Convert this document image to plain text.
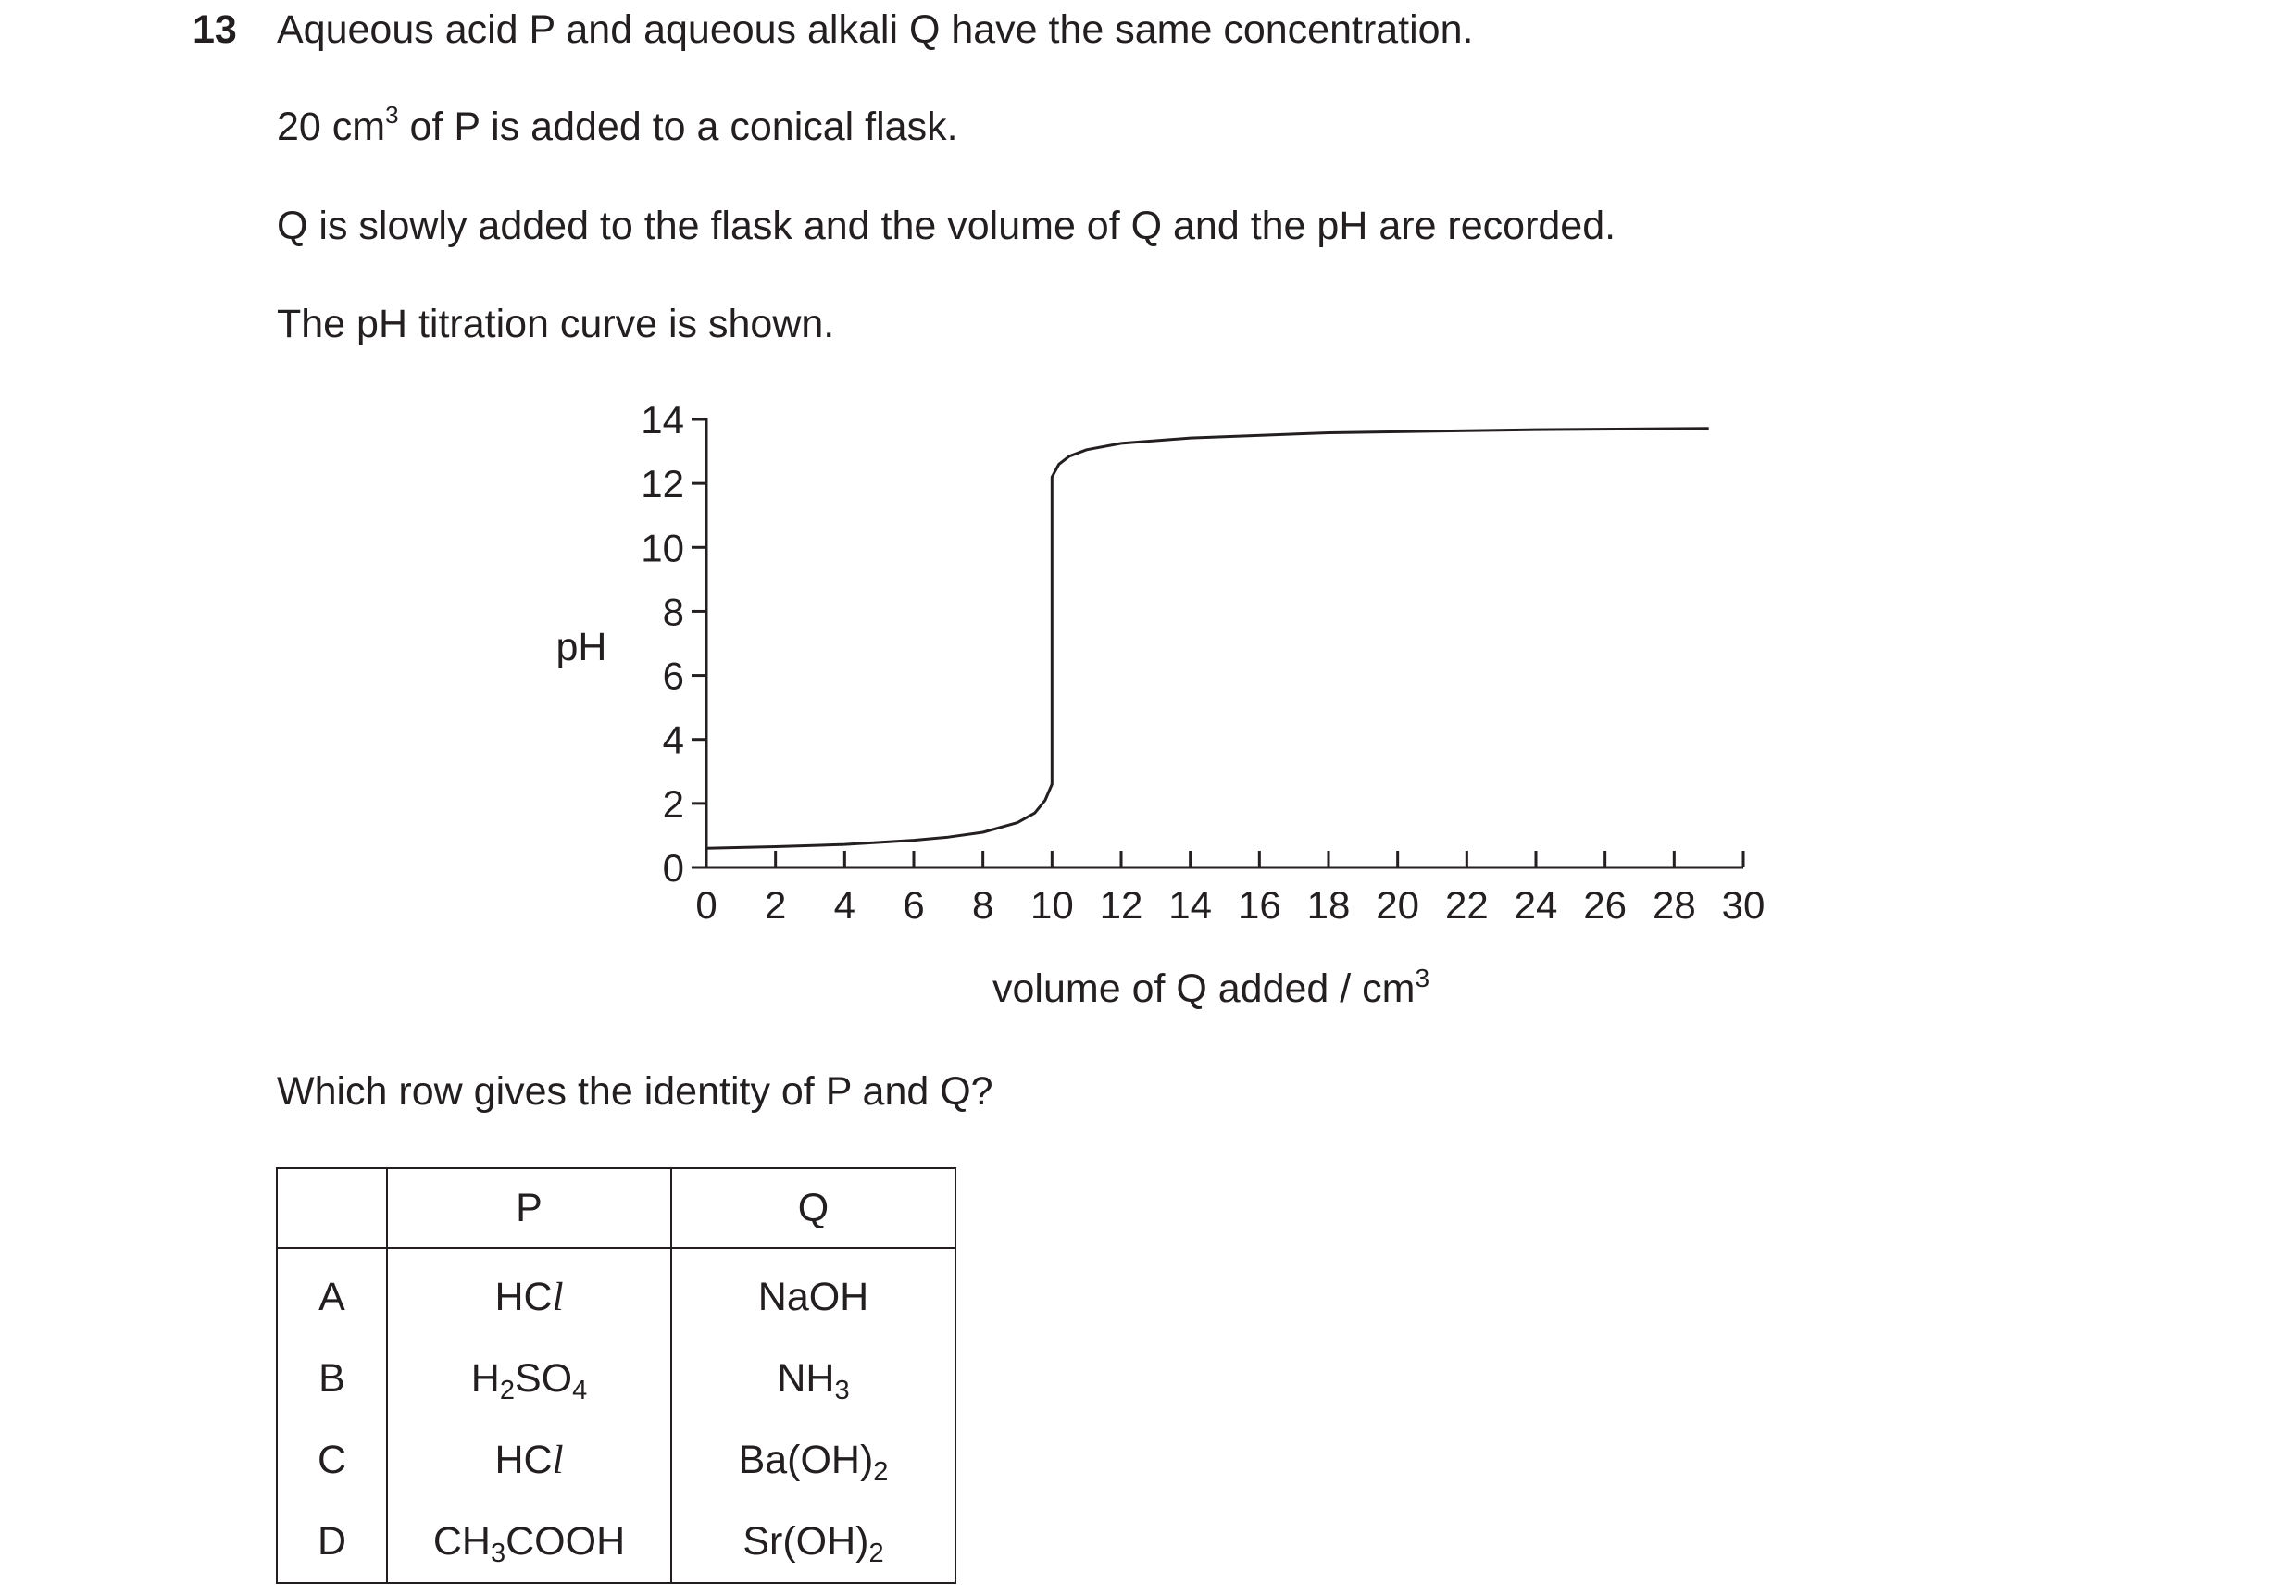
13 Aqueous acid P and aqueous alkali Q have the same concentration.
20 $cm^3$ of P is added to a conical flask.
Q is slowly added to the flask and the volume of Q and the pH are recorded.
The pH titration curve is shown.
0
2
4
6
8
10
12
14
0 2 4 6 8 10 12 14 16 18 20 22 24 26 28 30
pH
volume of Q added / $cm^3$
Which row gives the identity of P and Q?
	P	Q
A	HCl	NaOH
B	$H_2SO_4$	$NH_3$
C	HCl	$Ba(OH)_2$
D	$CH_3COOH$	$Sr(OH)_2$
